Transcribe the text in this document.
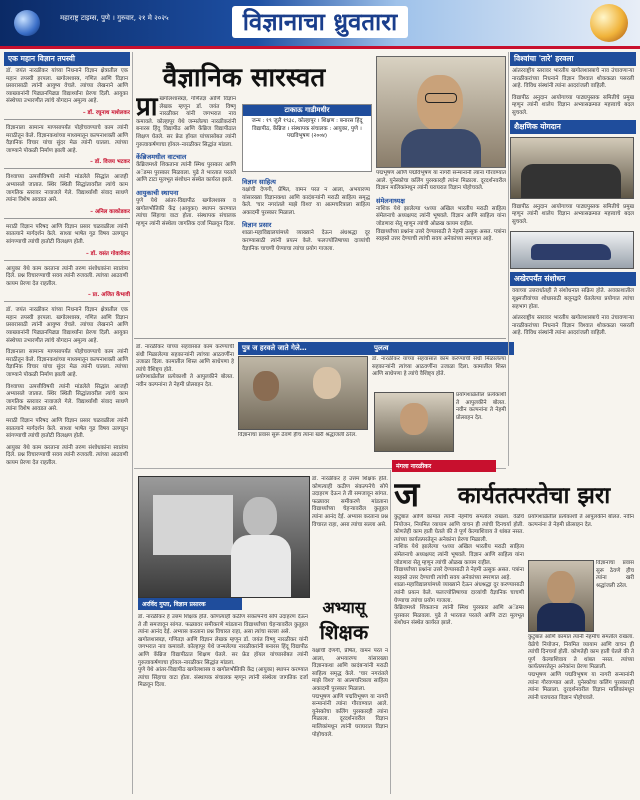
महाराष्ट्र टाइम्स, पुणे । गुरुवार, २१ मे २०२५	विज्ञानाचा ध्रुवतारा
एक महान विज्ञान तपस्वी
डॉ. जयंत नारळीकर यांच्या निधनाने विज्ञान क्षेत्रातील एक महान तपस्वी हरपला. खगोलशास्त्र, गणित आणि विज्ञान प्रसारासाठी त्यांनी आयुष्य वेचले. त्यांच्या लेखनाने आणि व्याख्यानांनी पिढ्यानपिढ्या विद्यार्थ्यांना प्रेरणा दिली. आयुका संस्थेच्या उभारणीत त्यांचे योगदान अमूल्य आहे.
– डॉ. रघुनाथ माशेलकर
विज्ञानाला सामान्य माणसापर्यंत पोहोचवण्याचे काम त्यांनी मराठीतून केले. विज्ञानकथांच्या माध्यमातून कल्पनाशक्ती आणि वैज्ञानिक विचार यांचा सुंदर मेळ त्यांनी घातला. त्यांच्या जाण्याने पोकळी निर्माण झाली आहे.
– डॉ. विजय भटकर
विश्वाच्या उत्पत्तीविषयी त्यांनी मांडलेले सिद्धांत आजही अभ्यासले जातात. स्थिर स्थिती सिद्धांतावरील त्यांचे काम जागतिक स्तरावर नावाजले गेले. विद्यार्थ्यांशी संवाद साधणे त्यांना विशेष आवडत असे.
– अनिल काकोडकर
मराठी विज्ञान परिषद आणि विज्ञान प्रसार चळवळीला त्यांनी सातत्याने मार्गदर्शन केले. साध्या भाषेत गूढ विषय उलगडून सांगण्याची त्यांची हातोटी विलक्षण होती.
– डॉ. वसंत गोवारीकर
आयुका येथे काम करताना त्यांनी तरुण संशोधकांना स्वातंत्र्य दिले. प्रश्न विचारण्याची सवय त्यांनी रुजवली. त्यांच्या आठवणी कायम प्रेरणा देत राहतील.
– प्रा. अजित केंभावी
डॉ. जयंत नारळीकर यांच्या निधनाने विज्ञान क्षेत्रातील एक महान तपस्वी हरपला. खगोलशास्त्र, गणित आणि विज्ञान प्रसारासाठी त्यांनी आयुष्य वेचले. त्यांच्या लेखनाने आणि व्याख्यानांनी पिढ्यानपिढ्या विद्यार्थ्यांना प्रेरणा दिली. आयुका संस्थेच्या उभारणीत त्यांचे योगदान अमूल्य आहे.
विज्ञानाला सामान्य माणसापर्यंत पोहोचवण्याचे काम त्यांनी मराठीतून केले. विज्ञानकथांच्या माध्यमातून कल्पनाशक्ती आणि वैज्ञानिक विचार यांचा सुंदर मेळ त्यांनी घातला. त्यांच्या जाण्याने पोकळी निर्माण झाली आहे.
विश्वाच्या उत्पत्तीविषयी त्यांनी मांडलेले सिद्धांत आजही अभ्यासले जातात. स्थिर स्थिती सिद्धांतावरील त्यांचे काम जागतिक स्तरावर नावाजले गेले. विद्यार्थ्यांशी संवाद साधणे त्यांना विशेष आवडत असे.
मराठी विज्ञान परिषद आणि विज्ञान प्रसार चळवळीला त्यांनी सातत्याने मार्गदर्शन केले. साध्या भाषेत गूढ विषय उलगडून सांगण्याची त्यांची हातोटी विलक्षण होती.
आयुका येथे काम करताना त्यांनी तरुण संशोधकांना स्वातंत्र्य दिले. प्रश्न विचारण्याची सवय त्यांनी रुजवली. त्यांच्या आठवणी कायम प्रेरणा देत राहतील.
वैज्ञानिक सारस्वत
प्रा खगोलशास्त्रज्ञ, गणितज्ञ आणि विज्ञान लेखक म्हणून डॉ. जयंत विष्णू नारळीकर यांनी जगभरात नाव कमावले. कोल्हापूर येथे जन्मलेल्या नारळीकरांनी बनारस हिंदू विद्यापीठ आणि केंब्रिज विद्यापीठात शिक्षण घेतले. सर फ्रेड हॉयल यांच्यासोबत त्यांनी गुरुत्वाकर्षणाचा हॉयल–नारळीकर सिद्धांत मांडला.
केंब्रिजमधील वाटचाल
केंब्रिजमध्ये शिकताना त्यांनी स्मिथ पुरस्कार आणि अॅडम्स पुरस्कार मिळवला. पुढे ते भारतात परतले आणि टाटा मूलभूत संशोधन संस्थेत कार्यरत झाले.
आयुकाची स्थापना
पुणे येथे आंतर-विद्यापीठ खगोलशास्त्र व खगोलभौतिकी केंद्र (आयुका) स्थापन करण्यात त्यांचा सिंहाचा वाटा होता. संस्थापक संचालक म्हणून त्यांनी संस्थेला जागतिक दर्जा मिळवून दिला.
टाकाऊ गाडीमधीर
जन्म : १९ जुलै १९३८, कोल्हापूर । शिक्षण : बनारस हिंदू विद्यापीठ, केंब्रिज । संस्थापक संचालक : आयुका, पुणे । पद्मविभूषण (२००४)
विज्ञान साहित्य
यक्षांची देणगी, प्रेषित, वामन परत न आला, अभयारण्य यांसारख्या विज्ञानकथा आणि कादंबऱ्यांनी मराठी साहित्य समृद्ध केले. 'चार नगरांतले माझे विश्व' या आत्मचरित्राला साहित्य अकादमी पुरस्कार मिळाला.
विज्ञान प्रसार
शाळा-महाविद्यालयांमध्ये व्याख्याने देऊन अंधश्रद्धा दूर करण्यासाठी त्यांनी प्रयत्न केले. फलज्योतिषाच्या दाव्यांची वैज्ञानिक चाचणी घेण्याचा त्यांचा प्रयोग गाजला.
पद्मभूषण आणि पद्मविभूषण या नागरी सन्मानांनी त्यांना गौरवण्यात आले. युनेस्कोचा कलिंग पुरस्कारही त्यांना मिळाला. दूरदर्शनवरील विज्ञान मालिकांमधून त्यांनी घराघरात विज्ञान पोहोचवले.
संमेलनाध्यक्ष
नाशिक येथे झालेल्या ९४व्या अखिल भारतीय मराठी साहित्य संमेलनाचे अध्यक्षपद त्यांनी भूषवले. विज्ञान आणि साहित्य यांना जोडणारा सेतू म्हणून त्यांची ओळख कायम राहील.
विद्यार्थ्यांच्या प्रश्नांना उत्तरे देण्यासाठी ते नेहमी उत्सुक असत. पत्रांना स्वहस्ते उत्तर देण्याची त्यांची सवय अनेकांच्या स्मरणात आहे.
डॉ. नारळीकर यांच्या सहवासात काम करण्याची संधी मिळालेल्या सहकाऱ्यांनी त्यांच्या आठवणींना उजाळा दिला. कामातील शिस्त आणि साधेपणा हे त्यांचे वैशिष्ट्य होते.
प्रयोगशाळेतील प्रत्येकाशी ते आपुलकीने बोलत. नवीन कल्पनांना ते नेहमी प्रोत्साहन देत.
पुत्र ज हरवले जाते गेले…
विज्ञानाचा प्रवास सुरू ठेवणे हीच त्यांना खरी श्रद्धांजली ठरेल.
पुलत्व
डॉ. नारळीकर यांच्या सहवासात काम करण्याची संधी मिळालेल्या सहकाऱ्यांनी त्यांच्या आठवणींना उजाळा दिला. कामातील शिस्त आणि साधेपणा हे त्यांचे वैशिष्ट्य होते.
प्रयोगशाळेतील प्रत्येकाशी ते आपुलकीने बोलत. नवीन कल्पनांना ते नेहमी प्रोत्साहन देत.
अरविंद गुप्ता, विज्ञान प्रसारक
डॉ. नारळीकर हे उत्तम शिक्षक होते. कोणत्याही कठीण संकल्पनेचे सोपे उदाहरण देऊन ते ती समजावून सांगत. फळ्यावर समीकरणे मांडताना विद्यार्थ्यांच्या चेहऱ्यावरील कुतूहल त्यांना आनंद देई. अभ्यास करताना प्रश्न विचारत राहा, असा त्यांचा सल्ला असे.
अभ्यासू
शिक्षक
डॉ. नारळीकर हे उत्तम शिक्षक होते. कोणत्याही कठीण संकल्पनेचे सोपे उदाहरण देऊन ते ती समजावून सांगत. फळ्यावर समीकरणे मांडताना विद्यार्थ्यांच्या चेहऱ्यावरील कुतूहल त्यांना आनंद देई. अभ्यास करताना प्रश्न विचारत राहा, असा त्यांचा सल्ला असे.
खगोलशास्त्रज्ञ, गणितज्ञ आणि विज्ञान लेखक म्हणून डॉ. जयंत विष्णू नारळीकर यांनी जगभरात नाव कमावले. कोल्हापूर येथे जन्मलेल्या नारळीकरांनी बनारस हिंदू विद्यापीठ आणि केंब्रिज विद्यापीठात शिक्षण घेतले. सर फ्रेड हॉयल यांच्यासोबत त्यांनी गुरुत्वाकर्षणाचा हॉयल–नारळीकर सिद्धांत मांडला.
पुणे येथे आंतर-विद्यापीठ खगोलशास्त्र व खगोलभौतिकी केंद्र (आयुका) स्थापन करण्यात त्यांचा सिंहाचा वाटा होता. संस्थापक संचालक म्हणून त्यांनी संस्थेला जागतिक दर्जा मिळवून दिला.
यक्षांची देणगी, प्रेषित, वामन परत न आला, अभयारण्य यांसारख्या विज्ञानकथा आणि कादंबऱ्यांनी मराठी साहित्य समृद्ध केले. 'चार नगरांतले माझे विश्व' या आत्मचरित्राला साहित्य अकादमी पुरस्कार मिळाला.
पद्मभूषण आणि पद्मविभूषण या नागरी सन्मानांनी त्यांना गौरवण्यात आले. युनेस्कोचा कलिंग पुरस्कारही त्यांना मिळाला. दूरदर्शनवरील विज्ञान मालिकांमधून त्यांनी घराघरात विज्ञान पोहोचवले.
मंगला नारळीकर
कार्यतत्परतेचा झरा
ज
कुटुंबात आणि कामात त्यांनी नेहमीच समतोल राखला. वेळेचे नियोजन, नियमित व्यायाम आणि वाचन ही त्यांची दिनचर्या होती. कोणतेही काम हाती घेतले की ते पूर्ण केल्याशिवाय ते थांबत नसत. त्यांच्या कार्यतत्परतेतून अनेकांना प्रेरणा मिळाली.
नाशिक येथे झालेल्या ९४व्या अखिल भारतीय मराठी साहित्य संमेलनाचे अध्यक्षपद त्यांनी भूषवले. विज्ञान आणि साहित्य यांना जोडणारा सेतू म्हणून त्यांची ओळख कायम राहील.
विद्यार्थ्यांच्या प्रश्नांना उत्तरे देण्यासाठी ते नेहमी उत्सुक असत. पत्रांना स्वहस्ते उत्तर देण्याची त्यांची सवय अनेकांच्या स्मरणात आहे.
शाळा-महाविद्यालयांमध्ये व्याख्याने देऊन अंधश्रद्धा दूर करण्यासाठी त्यांनी प्रयत्न केले. फलज्योतिषाच्या दाव्यांची वैज्ञानिक चाचणी घेण्याचा त्यांचा प्रयोग गाजला.
केंब्रिजमध्ये शिकताना त्यांनी स्मिथ पुरस्कार आणि अॅडम्स पुरस्कार मिळवला. पुढे ते भारतात परतले आणि टाटा मूलभूत संशोधन संस्थेत कार्यरत झाले.
प्रयोगशाळेतील प्रत्येकाशी ते आपुलकीने बोलत. नवीन कल्पनांना ते नेहमी प्रोत्साहन देत.
विज्ञानाचा प्रवास सुरू ठेवणे हीच त्यांना खरी श्रद्धांजली ठरेल.
कुटुंबात आणि कामात त्यांनी नेहमीच समतोल राखला. वेळेचे नियोजन, नियमित व्यायाम आणि वाचन ही त्यांची दिनचर्या होती. कोणतेही काम हाती घेतले की ते पूर्ण केल्याशिवाय ते थांबत नसत. त्यांच्या कार्यतत्परतेतून अनेकांना प्रेरणा मिळाली.
पद्मभूषण आणि पद्मविभूषण या नागरी सन्मानांनी त्यांना गौरवण्यात आले. युनेस्कोचा कलिंग पुरस्कारही त्यांना मिळाला. दूरदर्शनवरील विज्ञान मालिकांमधून त्यांनी घराघरात विज्ञान पोहोचवले.
विश्वांचा 'तारे' हरवला
आंतरराष्ट्रीय स्तरावर भारतीय खगोलशास्त्राचे नाव उंचावणाऱ्या नारळीकरांच्या निधनाने विज्ञान विश्वात शोककळा पसरली आहे. विविध संस्थांनी त्यांना आदरांजली वाहिली.
विद्यापीठ अनुदान आयोगाच्या पाठ्यपुस्तक समितीचे प्रमुख म्हणून त्यांनी शालेय विज्ञान अभ्यासक्रमात महत्त्वाचे बदल सुचवले.
शैक्षणिक योगदान
विद्यापीठ अनुदान आयोगाच्या पाठ्यपुस्तक समितीचे प्रमुख म्हणून त्यांनी शालेय विज्ञान अभ्यासक्रमात महत्त्वाचे बदल सुचवले.
अखेरपर्यंत संशोधन
वयाच्या उत्तरार्धातही ते संशोधनात सक्रिय होते. अवकाशातील सूक्ष्मजीवांच्या शोधासाठी बलूनद्वारे घेतलेल्या प्रयोगात त्यांचा सहभाग होता.
आंतरराष्ट्रीय स्तरावर भारतीय खगोलशास्त्राचे नाव उंचावणाऱ्या नारळीकरांच्या निधनाने विज्ञान विश्वात शोककळा पसरली आहे. विविध संस्थांनी त्यांना आदरांजली वाहिली.
